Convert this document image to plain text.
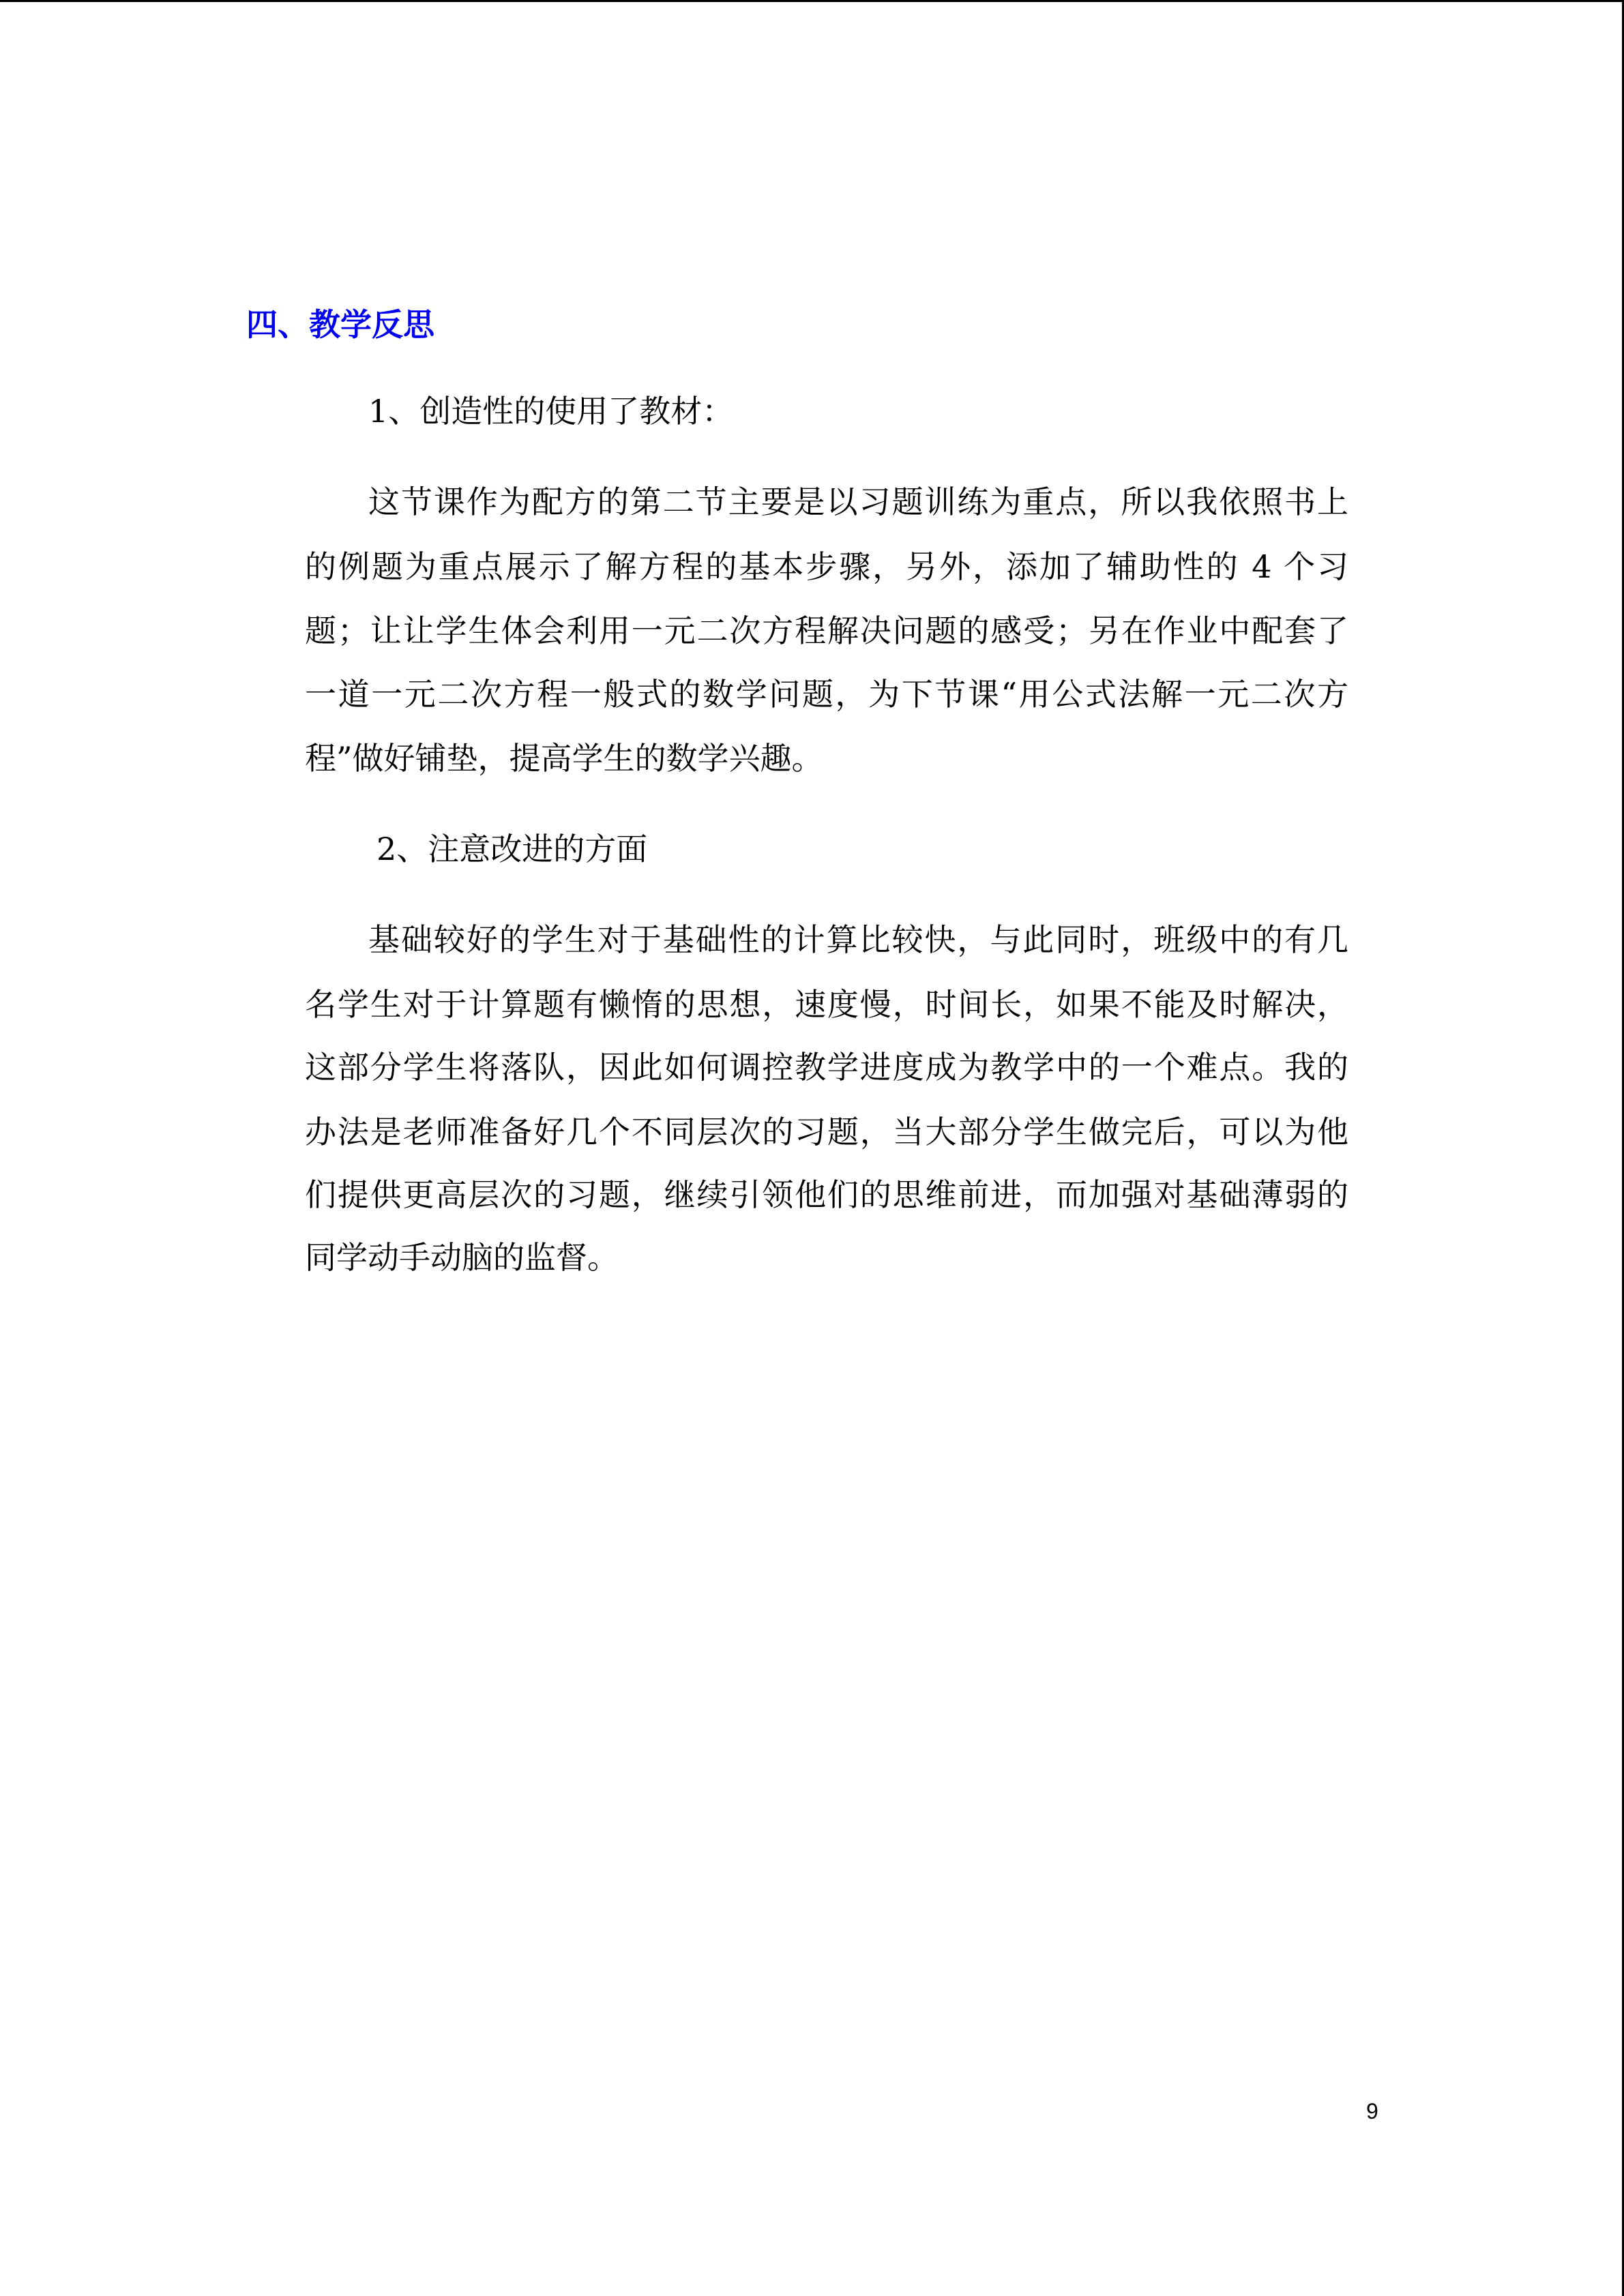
四、教学反思
1、创造性的使用了教材：
这节课作为配方的第二节主要是以习题训练为重点，所以我依照书上
的例题为重点展示了解方程的基本步骤，另外，添加了辅助性的 4 个习
题；让让学生体会利用一元二次方程解决问题的感受；另在作业中配套了
一道一元二次方程一般式的数学问题，为下节课“用公式法解一元二次方
程”做好铺垫，提高学生的数学兴趣。
2、注意改进的方面
基础较好的学生对于基础性的计算比较快，与此同时，班级中的有几
名学生对于计算题有懒惰的思想，速度慢，时间长，如果不能及时解决，
这部分学生将落队，因此如何调控教学进度成为教学中的一个难点。我的
办法是老师准备好几个不同层次的习题，当大部分学生做完后，可以为他
们提供更高层次的习题，继续引领他们的思维前进，而加强对基础薄弱的
同学动手动脑的监督。
9
